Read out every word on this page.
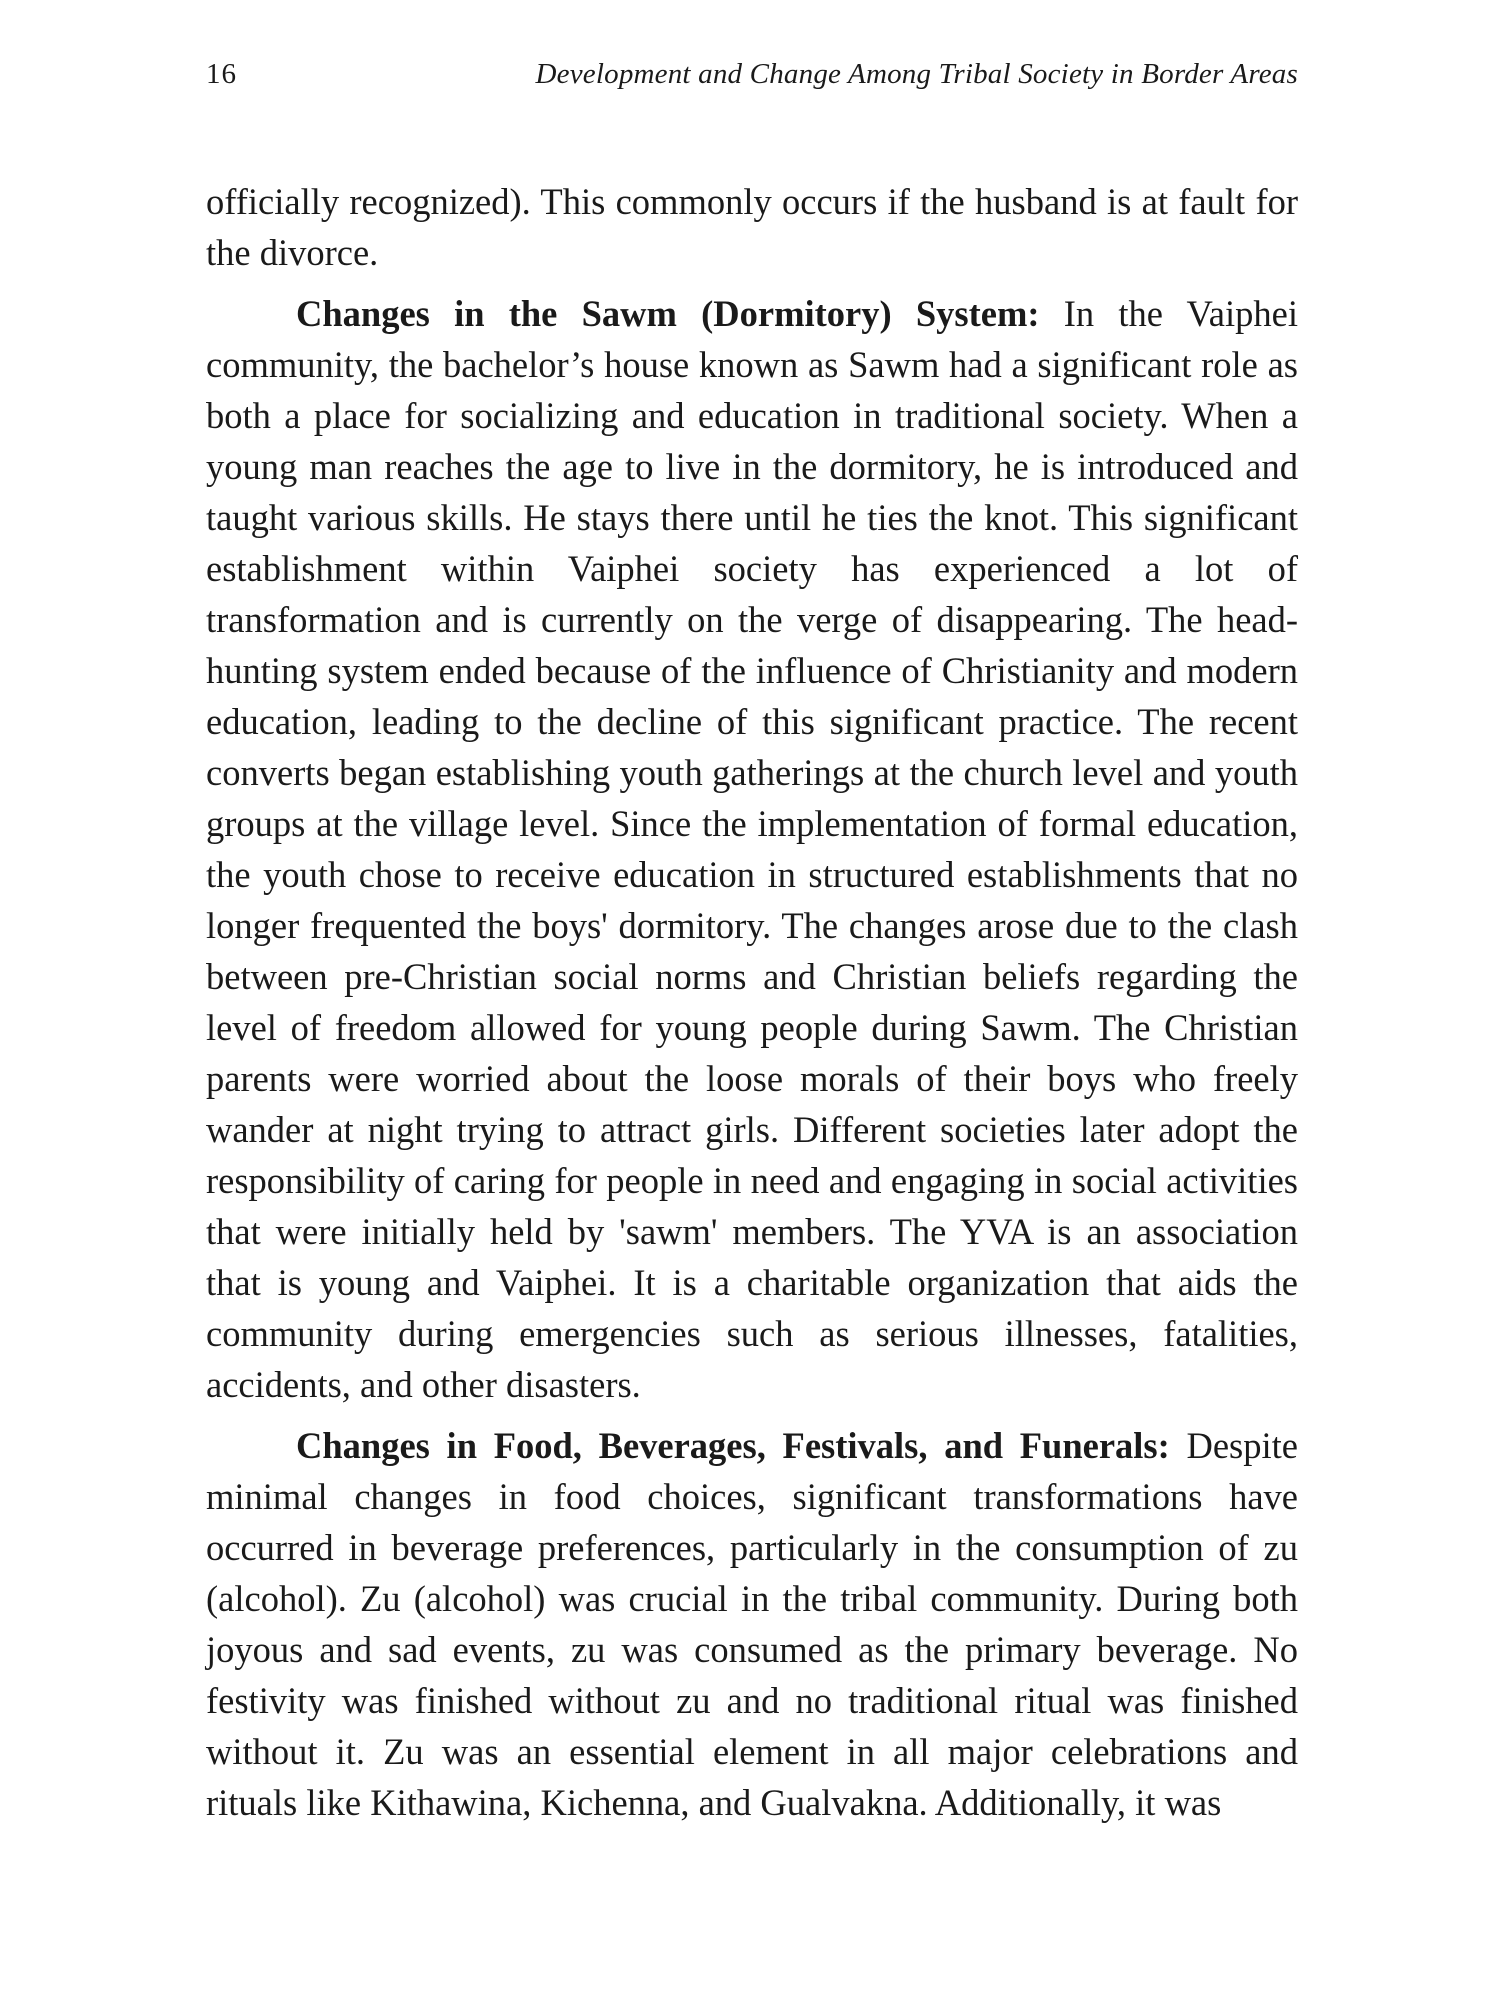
16	Development and Change Among Tribal Society in Border Areas

officially recognized). This commonly occurs if the husband is at fault for the divorce.

Changes in the Sawm (Dormitory) System: In the Vaiphei community, the bachelor’s house known as Sawm had a significant role as both a place for socializing and education in traditional society. When a young man reaches the age to live in the dormitory, he is introduced and taught various skills. He stays there until he ties the knot. This significant establishment within Vaiphei society has experienced a lot of transformation and is currently on the verge of disappearing. The head-hunting system ended because of the influence of Christianity and modern education, leading to the decline of this significant practice. The recent converts began establishing youth gatherings at the church level and youth groups at the village level. Since the implementation of formal education, the youth chose to receive education in structured establishments that no longer frequented the boys' dormitory. The changes arose due to the clash between pre-Christian social norms and Christian beliefs regarding the level of freedom allowed for young people during Sawm. The Christian parents were worried about the loose morals of their boys who freely wander at night trying to attract girls. Different societies later adopt the responsibility of caring for people in need and engaging in social activities that were initially held by 'sawm' members. The YVA is an association that is young and Vaiphei. It is a charitable organization that aids the community during emergencies such as serious illnesses, fatalities, accidents, and other disasters.

Changes in Food, Beverages, Festivals, and Funerals: Despite minimal changes in food choices, significant transformations have occurred in beverage preferences, particularly in the consumption of zu (alcohol). Zu (alcohol) was crucial in the tribal community. During both joyous and sad events, zu was consumed as the primary beverage. No festivity was finished without zu and no traditional ritual was finished without it. Zu was an essential element in all major celebrations and rituals like Kithawina, Kichenna, and Gualvakna. Additionally, it was
